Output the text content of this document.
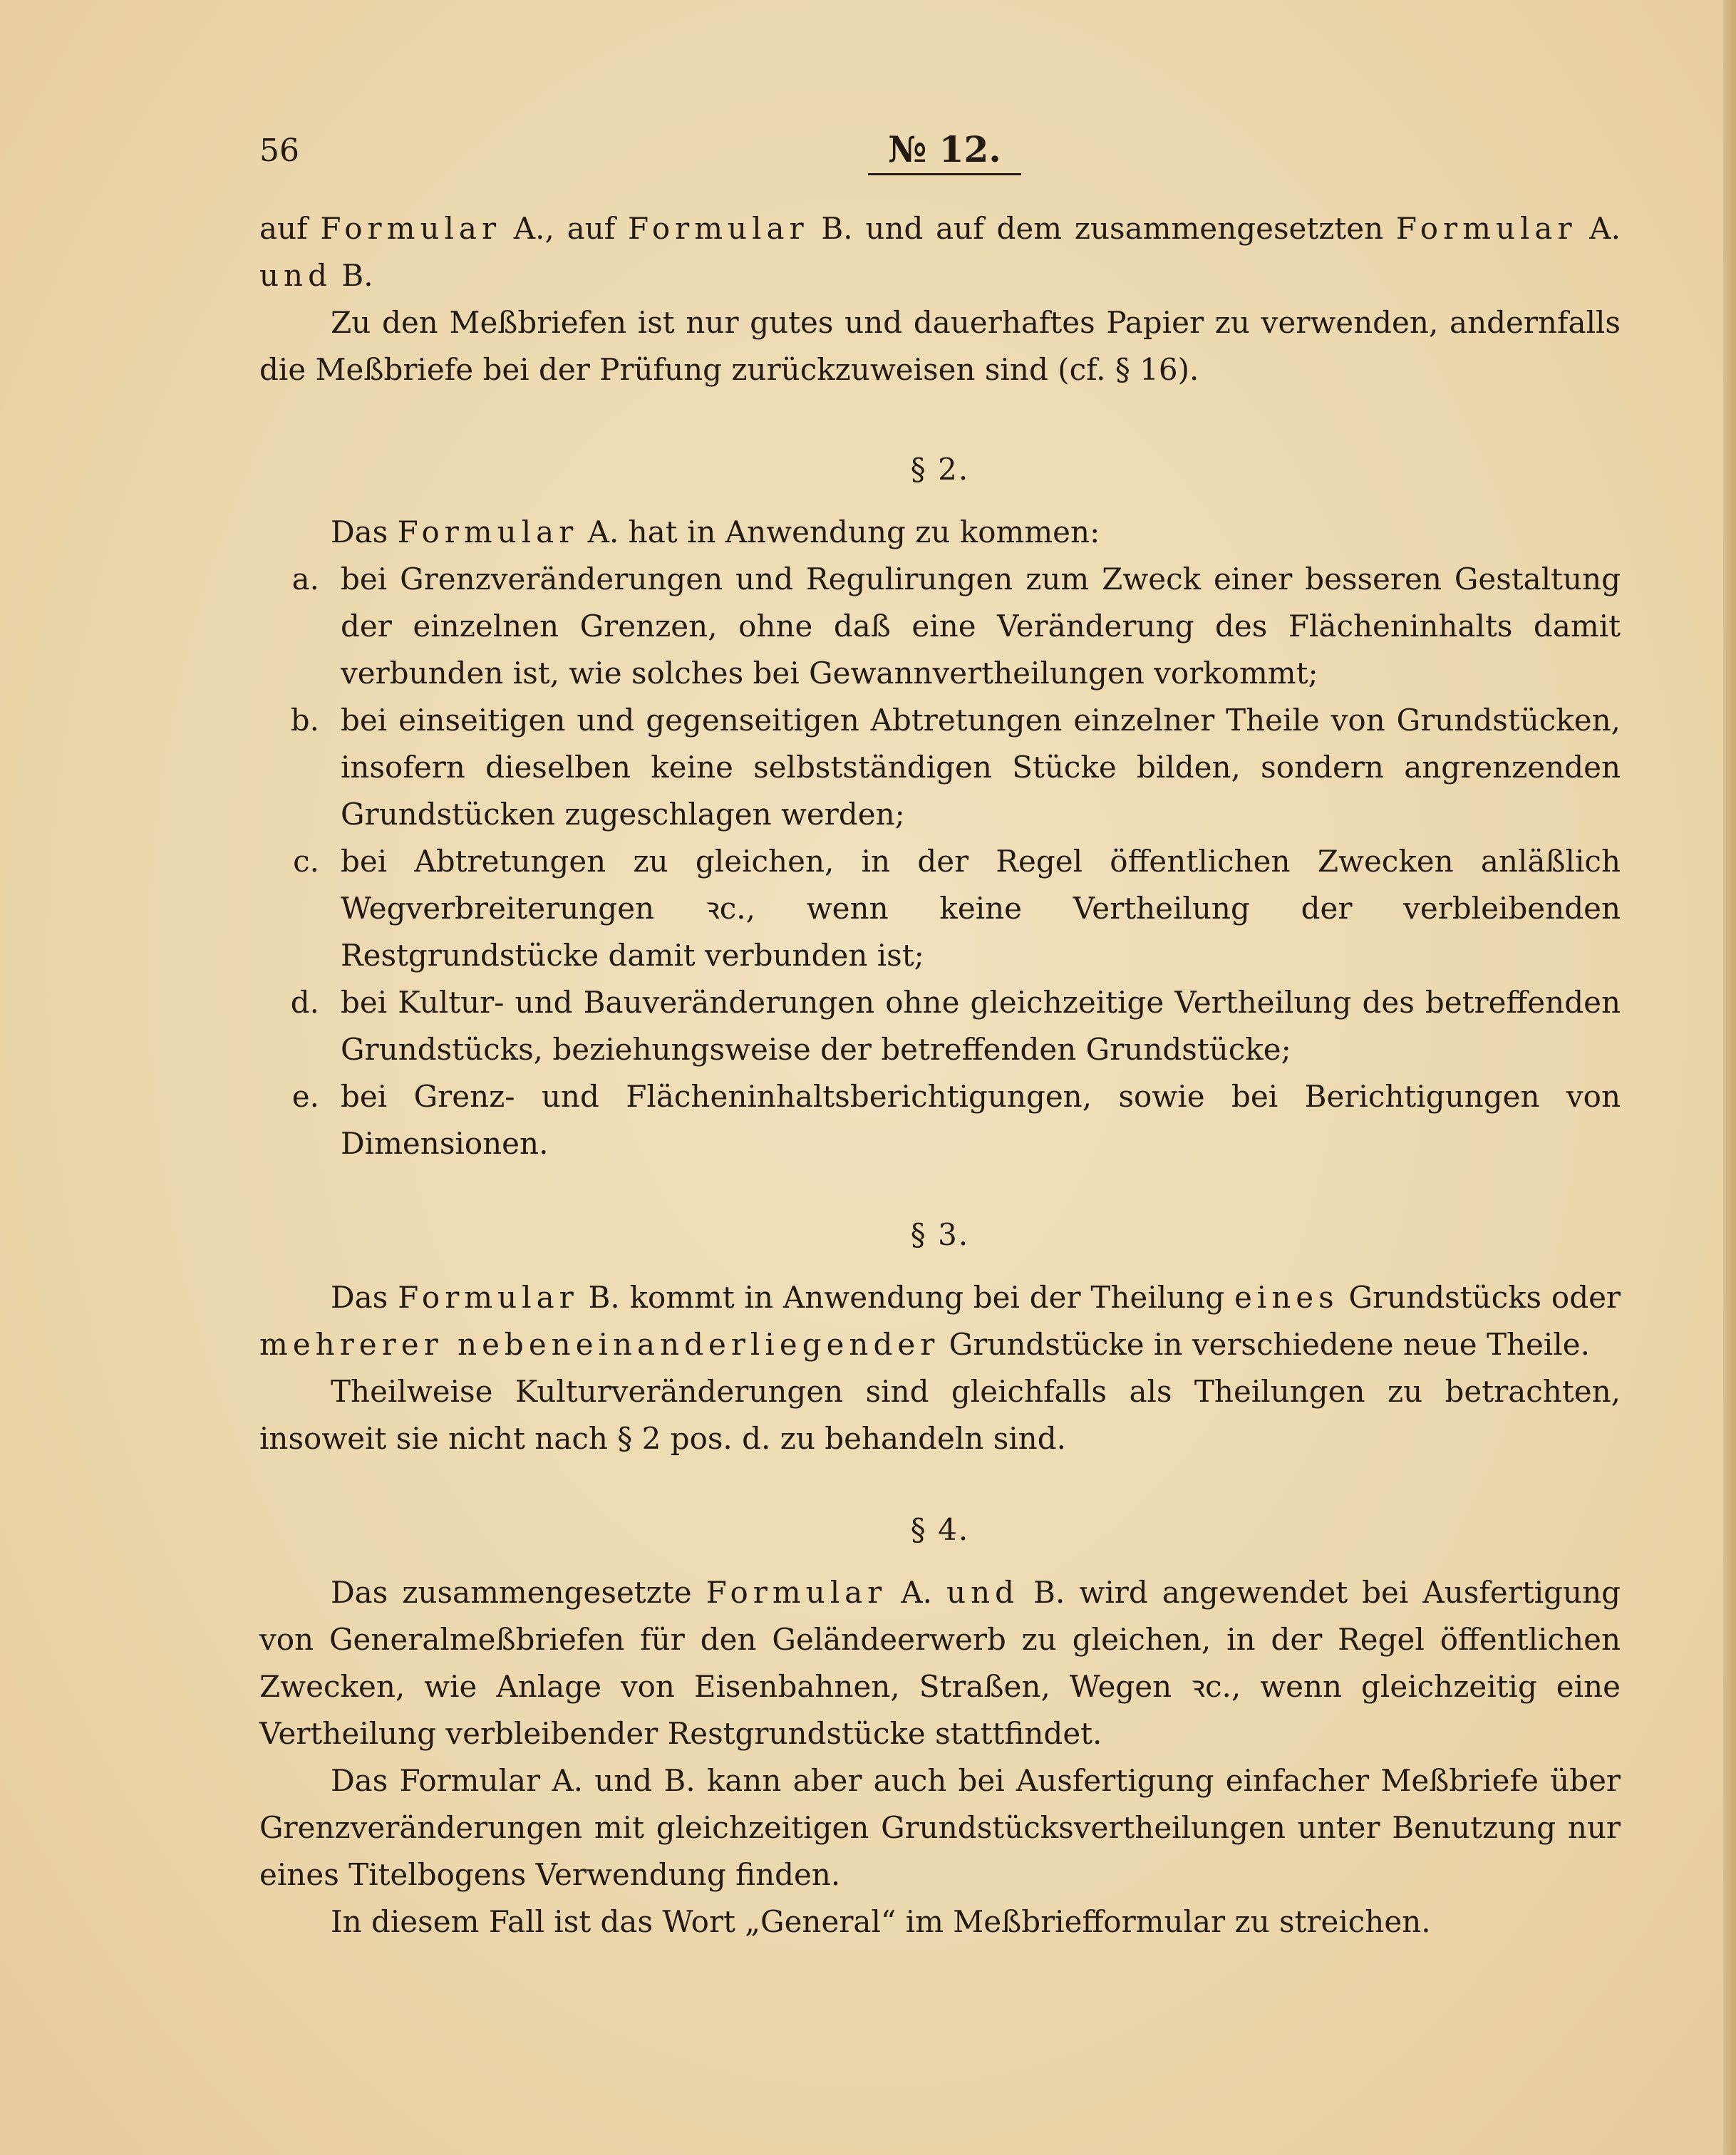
56	№ 12.

auf Formular A., auf Formular B. und auf dem zusammengesetzten Formular A. und B.

Zu den Meßbriefen ist nur gutes und dauerhaftes Papier zu verwenden, andernfalls die Meßbriefe bei der Prüfung zurückzuweisen sind (cf. § 16).

§ 2.

Das Formular A. hat in Anwendung zu kommen:

a. bei Grenzveränderungen und Regulirungen zum Zweck einer besseren Gestaltung der einzelnen Grenzen, ohne daß eine Veränderung des Flächeninhalts damit verbunden ist, wie solches bei Gewannvertheilungen vorkommt;
b. bei einseitigen und gegenseitigen Abtretungen einzelner Theile von Grundstücken, insofern dieselben keine selbstständigen Stücke bilden, sondern angrenzenden Grundstücken zugeschlagen werden;
c. bei Abtretungen zu gleichen, in der Regel öffentlichen Zwecken anläßlich Wegverbreiterungen ꝛc., wenn keine Vertheilung der verbleibenden Restgrundstücke damit verbunden ist;
d. bei Kultur- und Bauveränderungen ohne gleichzeitige Vertheilung des betreffenden Grundstücks, beziehungsweise der betreffenden Grundstücke;
e. bei Grenz- und Flächeninhaltsberichtigungen, sowie bei Berichtigungen von Dimensionen.
§ 3.

Das Formular B. kommt in Anwendung bei der Theilung eines Grundstücks oder mehrerer nebeneinanderliegender Grundstücke in verschiedene neue Theile.

Theilweise Kulturveränderungen sind gleichfalls als Theilungen zu betrachten, insoweit sie nicht nach § 2 pos. d. zu behandeln sind.

§ 4.

Das zusammengesetzte Formular A. und B. wird angewendet bei Ausfertigung von Generalmeßbriefen für den Geländeerwerb zu gleichen, in der Regel öffentlichen Zwecken, wie Anlage von Eisenbahnen, Straßen, Wegen ꝛc., wenn gleichzeitig eine Vertheilung verbleibender Restgrundstücke stattfindet.

Das Formular A. und B. kann aber auch bei Ausfertigung einfacher Meßbriefe über Grenzveränderungen mit gleichzeitigen Grundstücksvertheilungen unter Benutzung nur eines Titelbogens Verwendung finden.

In diesem Fall ist das Wort „General“ im Meßbriefformular zu streichen.
